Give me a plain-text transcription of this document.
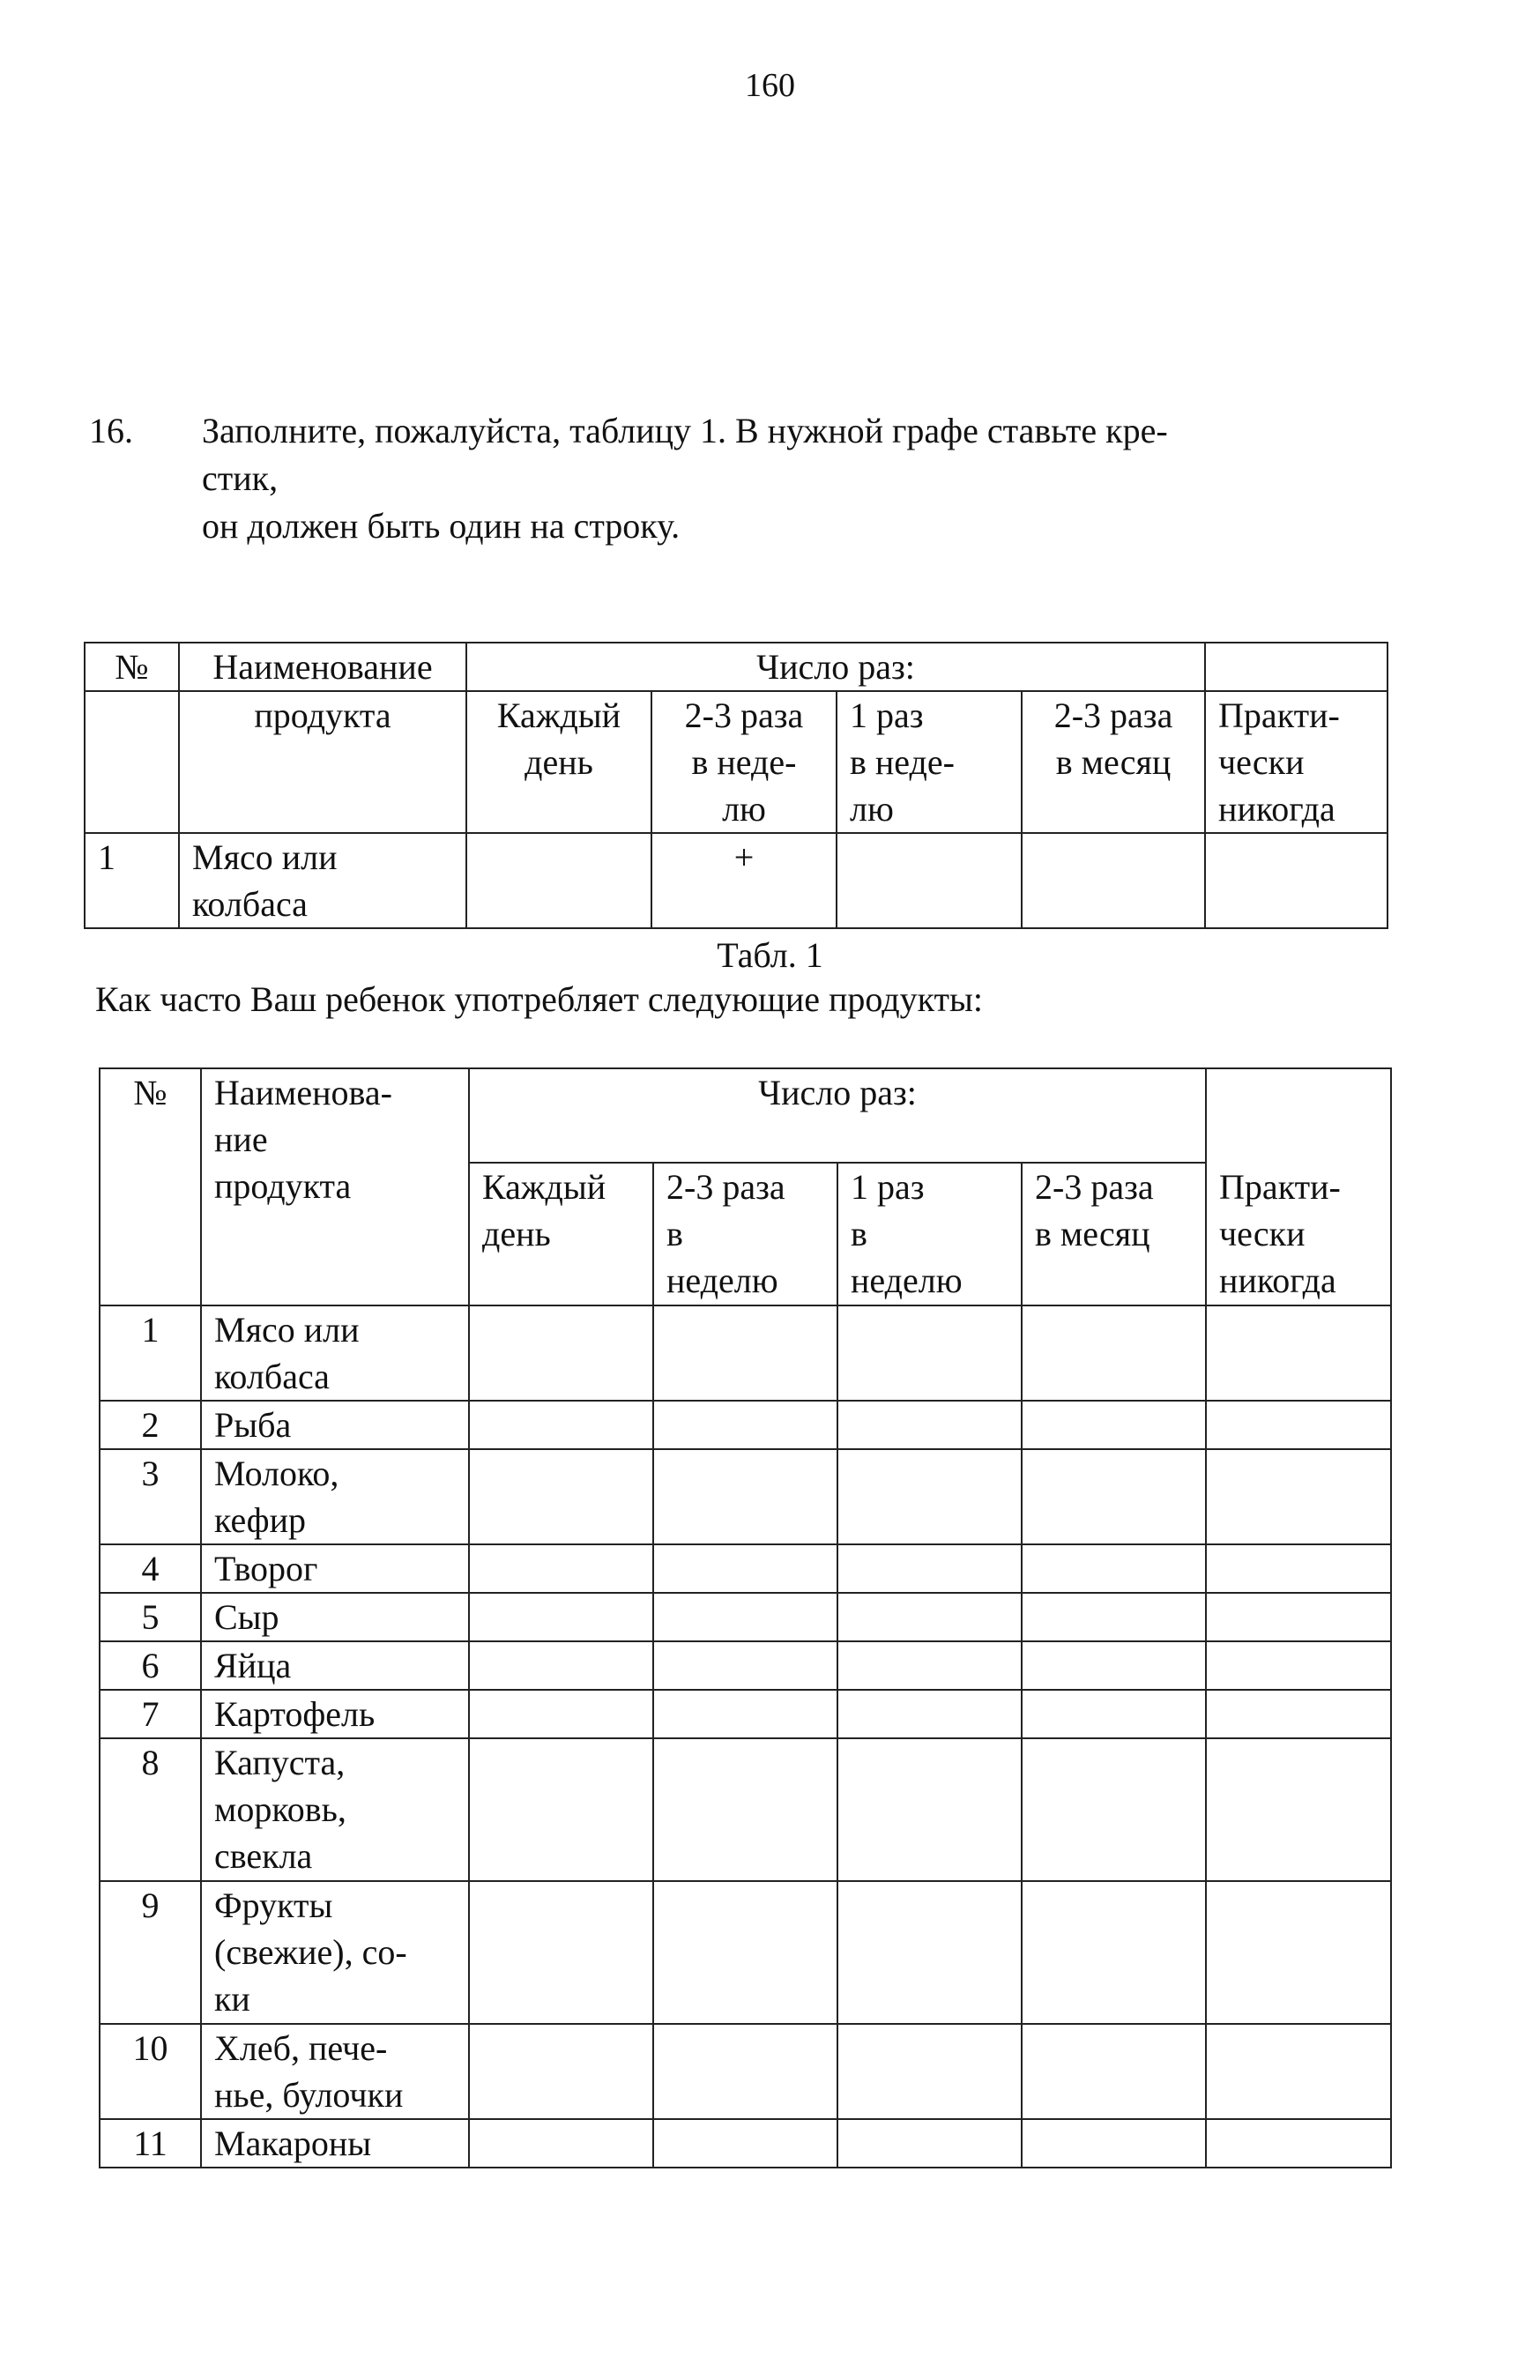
160
16. Заполните, пожалуйста, таблицу 1. В нужной графе ставьте кре-
стик,
он должен быть один на строку.
№	Наименование	Число раз:				
	продукта	Каждый
день	2-3 раза
в неде-
лю	1 раз
в неде-
лю	2-3 раза
в месяц	Практи-
чески
никогда

1	Мясо или
колбаса		+			
Табл. 1
Как часто Ваш ребенок употребляет следующие продукты:
№	Наименова-
ние
продукта	Число раз:				Практи-
чески
никогда

		Каждый
день	2-3 раза
в
неделю	1 раз
в
неделю	2-3 раза
в месяц	

1	Мясо или
колбаса					

2	Рыба					

3	Молоко,
кефир					

4	Творог					

5	Сыр					

6	Яйца					

7	Картофель					

8	Капуста,
морковь,
свекла					

9	Фрукты
(свежие), со-
ки					

10	Хлеб, пече-
нье, булочки					

11	Макароны					
